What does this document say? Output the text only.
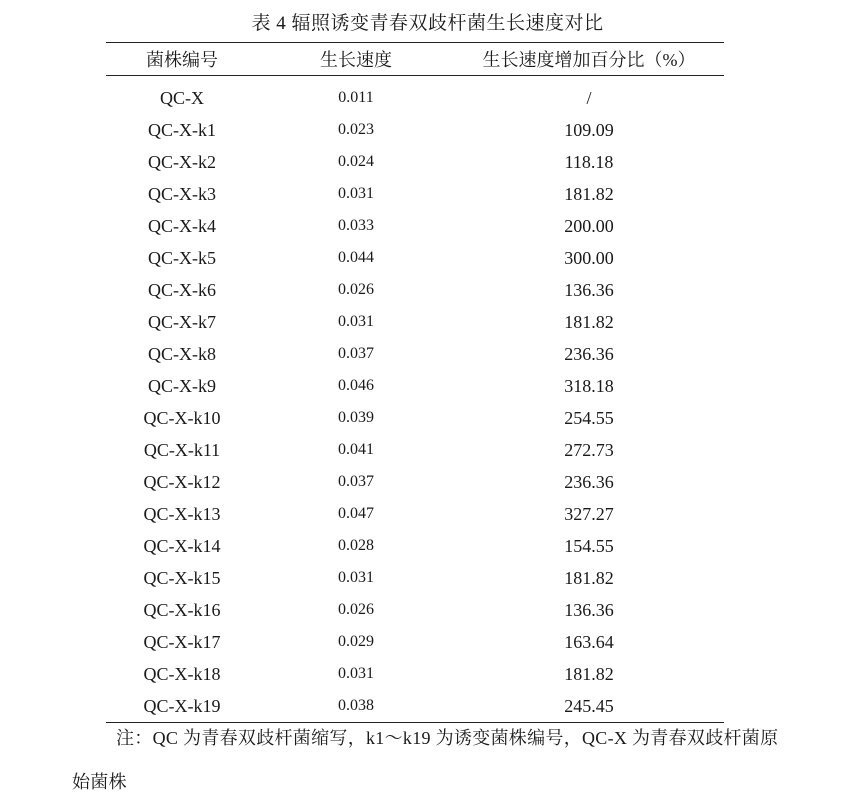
表 4 辐照诱变青春双歧杆菌生长速度对比
菌株编号	生长速度	生长速度增加百分比（%）
QC-X	0.011	/
QC-X-k1	0.023	109.09
QC-X-k2	0.024	118.18
QC-X-k3	0.031	181.82
QC-X-k4	0.033	200.00
QC-X-k5	0.044	300.00
QC-X-k6	0.026	136.36
QC-X-k7	0.031	181.82
QC-X-k8	0.037	236.36
QC-X-k9	0.046	318.18
QC-X-k10	0.039	254.55
QC-X-k11	0.041	272.73
QC-X-k12	0.037	236.36
QC-X-k13	0.047	327.27
QC-X-k14	0.028	154.55
QC-X-k15	0.031	181.82
QC-X-k16	0.026	136.36
QC-X-k17	0.029	163.64
QC-X-k18	0.031	181.82
QC-X-k19	0.038	245.45
注：QC 为青春双歧杆菌缩写，k1～k19 为诱变菌株编号，QC-X 为青春双歧杆菌原始菌株
